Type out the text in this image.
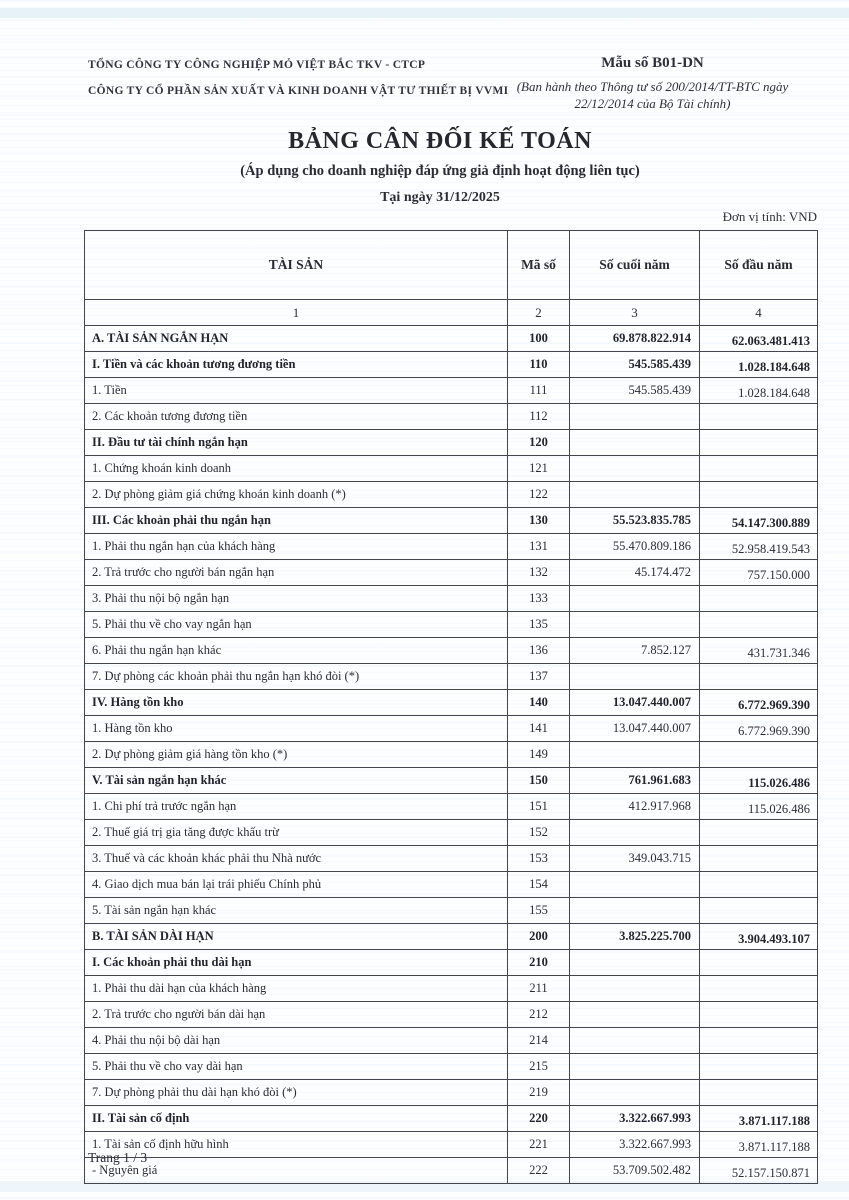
TỔNG CÔNG TY CÔNG NGHIỆP MỎ VIỆT BẮC TKV - CTCP
CÔNG TY CỔ PHẦN SẢN XUẤT VÀ KINH DOANH VẬT TƯ THIẾT BỊ VVMI
Mẫu số B01-DN
(Ban hành theo Thông tư số 200/2014/TT-BTC ngày
22/12/2014 của Bộ Tài chính)
BẢNG CÂN ĐỐI KẾ TOÁN
(Áp dụng cho doanh nghiệp đáp ứng giả định hoạt động liên tục)
Tại ngày 31/12/2025
Đơn vị tính: VND
TÀI SẢN	Mã số	Số cuối năm	Số đầu năm
1	2	3	4
A. TÀI SẢN NGẮN HẠN	100	69.878.822.914	62.063.481.413
I. Tiền và các khoản tương đương tiền	110	545.585.439	1.028.184.648
1. Tiền	111	545.585.439	1.028.184.648
2. Các khoản tương đương tiền	112		
II. Đầu tư tài chính ngắn hạn	120		
1. Chứng khoán kinh doanh	121		
2. Dự phòng giảm giá chứng khoán kinh doanh (*)	122		
III. Các khoản phải thu ngắn hạn	130	55.523.835.785	54.147.300.889
1. Phải thu ngắn hạn của khách hàng	131	55.470.809.186	52.958.419.543
2. Trả trước cho người bán ngắn hạn	132	45.174.472	757.150.000
3. Phải thu nội bộ ngắn hạn	133		
5. Phải thu về cho vay ngắn hạn	135		
6. Phải thu ngắn hạn khác	136	7.852.127	431.731.346
7. Dự phòng các khoản phải thu ngắn hạn khó đòi (*)	137		
IV. Hàng tồn kho	140	13.047.440.007	6.772.969.390
1. Hàng tồn kho	141	13.047.440.007	6.772.969.390
2. Dự phòng giảm giá hàng tồn kho (*)	149		
V. Tài sản ngắn hạn khác	150	761.961.683	115.026.486
1. Chi phí trả trước ngắn hạn	151	412.917.968	115.026.486
2. Thuế giá trị gia tăng được khấu trừ	152		
3. Thuế và các khoản khác phải thu Nhà nước	153	349.043.715	
4. Giao dịch mua bán lại trái phiếu Chính phủ	154		
5. Tài sản ngắn hạn khác	155		
B. TÀI SẢN DÀI HẠN	200	3.825.225.700	3.904.493.107
I. Các khoản phải thu dài hạn	210		
1. Phải thu dài hạn của khách hàng	211		
2. Trả trước cho người bán dài hạn	212		
4. Phải thu nội bộ dài hạn	214		
5. Phải thu về cho vay dài hạn	215		
7. Dự phòng phải thu dài hạn khó đòi (*)	219		
II. Tài sản cố định	220	3.322.667.993	3.871.117.188
1. Tài sản cố định hữu hình	221	3.322.667.993	3.871.117.188
- Nguyên giá	222	53.709.502.482	52.157.150.871
Trang 1 / 3
